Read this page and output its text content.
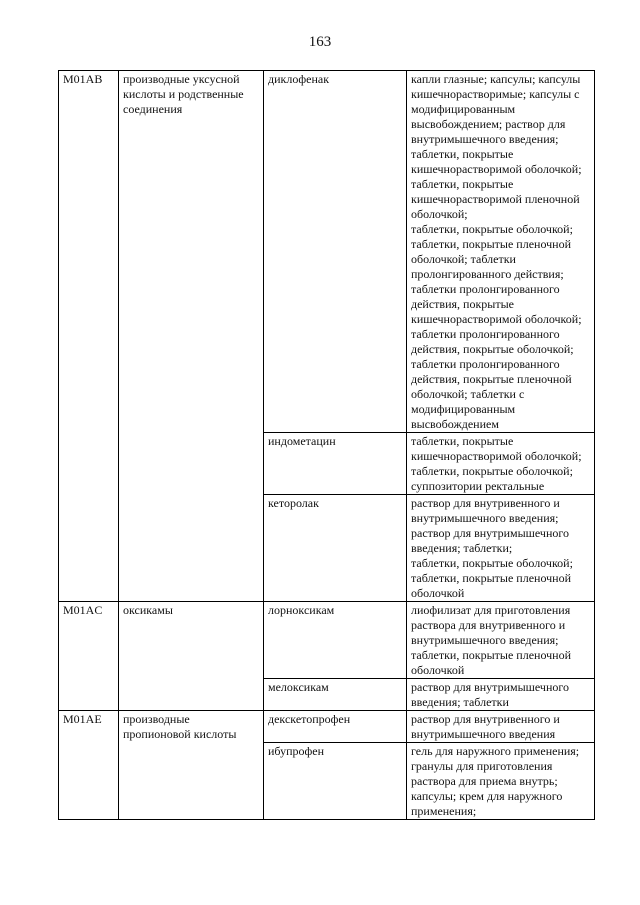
163
M01AB	производные уксусной кислоты и родственные соединения	диклофенак	капли глазные; капсулы; капсулы кишечнорастворимые; капсулы с модифицированным высвобождением; раствор для внутримышечного введения;
таблетки, покрытые кишечнорастворимой оболочкой; таблетки, покрытые кишечнорастворимой пленочной оболочкой;
таблетки, покрытые оболочкой; таблетки, покрытые пленочной оболочкой; таблетки пролонгированного действия; таблетки пролонгированного действия, покрытые кишечнорастворимой оболочкой; таблетки пролонгированного действия, покрытые оболочкой; таблетки пролонгированного действия, покрытые пленочной оболочкой; таблетки с модифицированным высвобождением

		индометацин	таблетки, покрытые кишечнорастворимой оболочкой; таблетки, покрытые оболочкой; суппозитории ректальные

		кеторолак	раствор для внутривенного и внутримышечного введения;
раствор для внутримышечного введения; таблетки;
таблетки, покрытые оболочкой;
таблетки, покрытые пленочной оболочкой

M01AC	оксикамы	лорноксикам	лиофилизат для приготовления раствора для внутривенного и внутримышечного введения;
таблетки, покрытые пленочной оболочкой

		мелоксикам	раствор для внутримышечного введения; таблетки

M01AE	производные пропионовой кислоты	декскетопрофен	раствор для внутривенного и внутримышечного введения

		ибупрофен	гель для наружного применения; гранулы для приготовления раствора для приема внутрь;
капсулы; крем для наружного применения;
